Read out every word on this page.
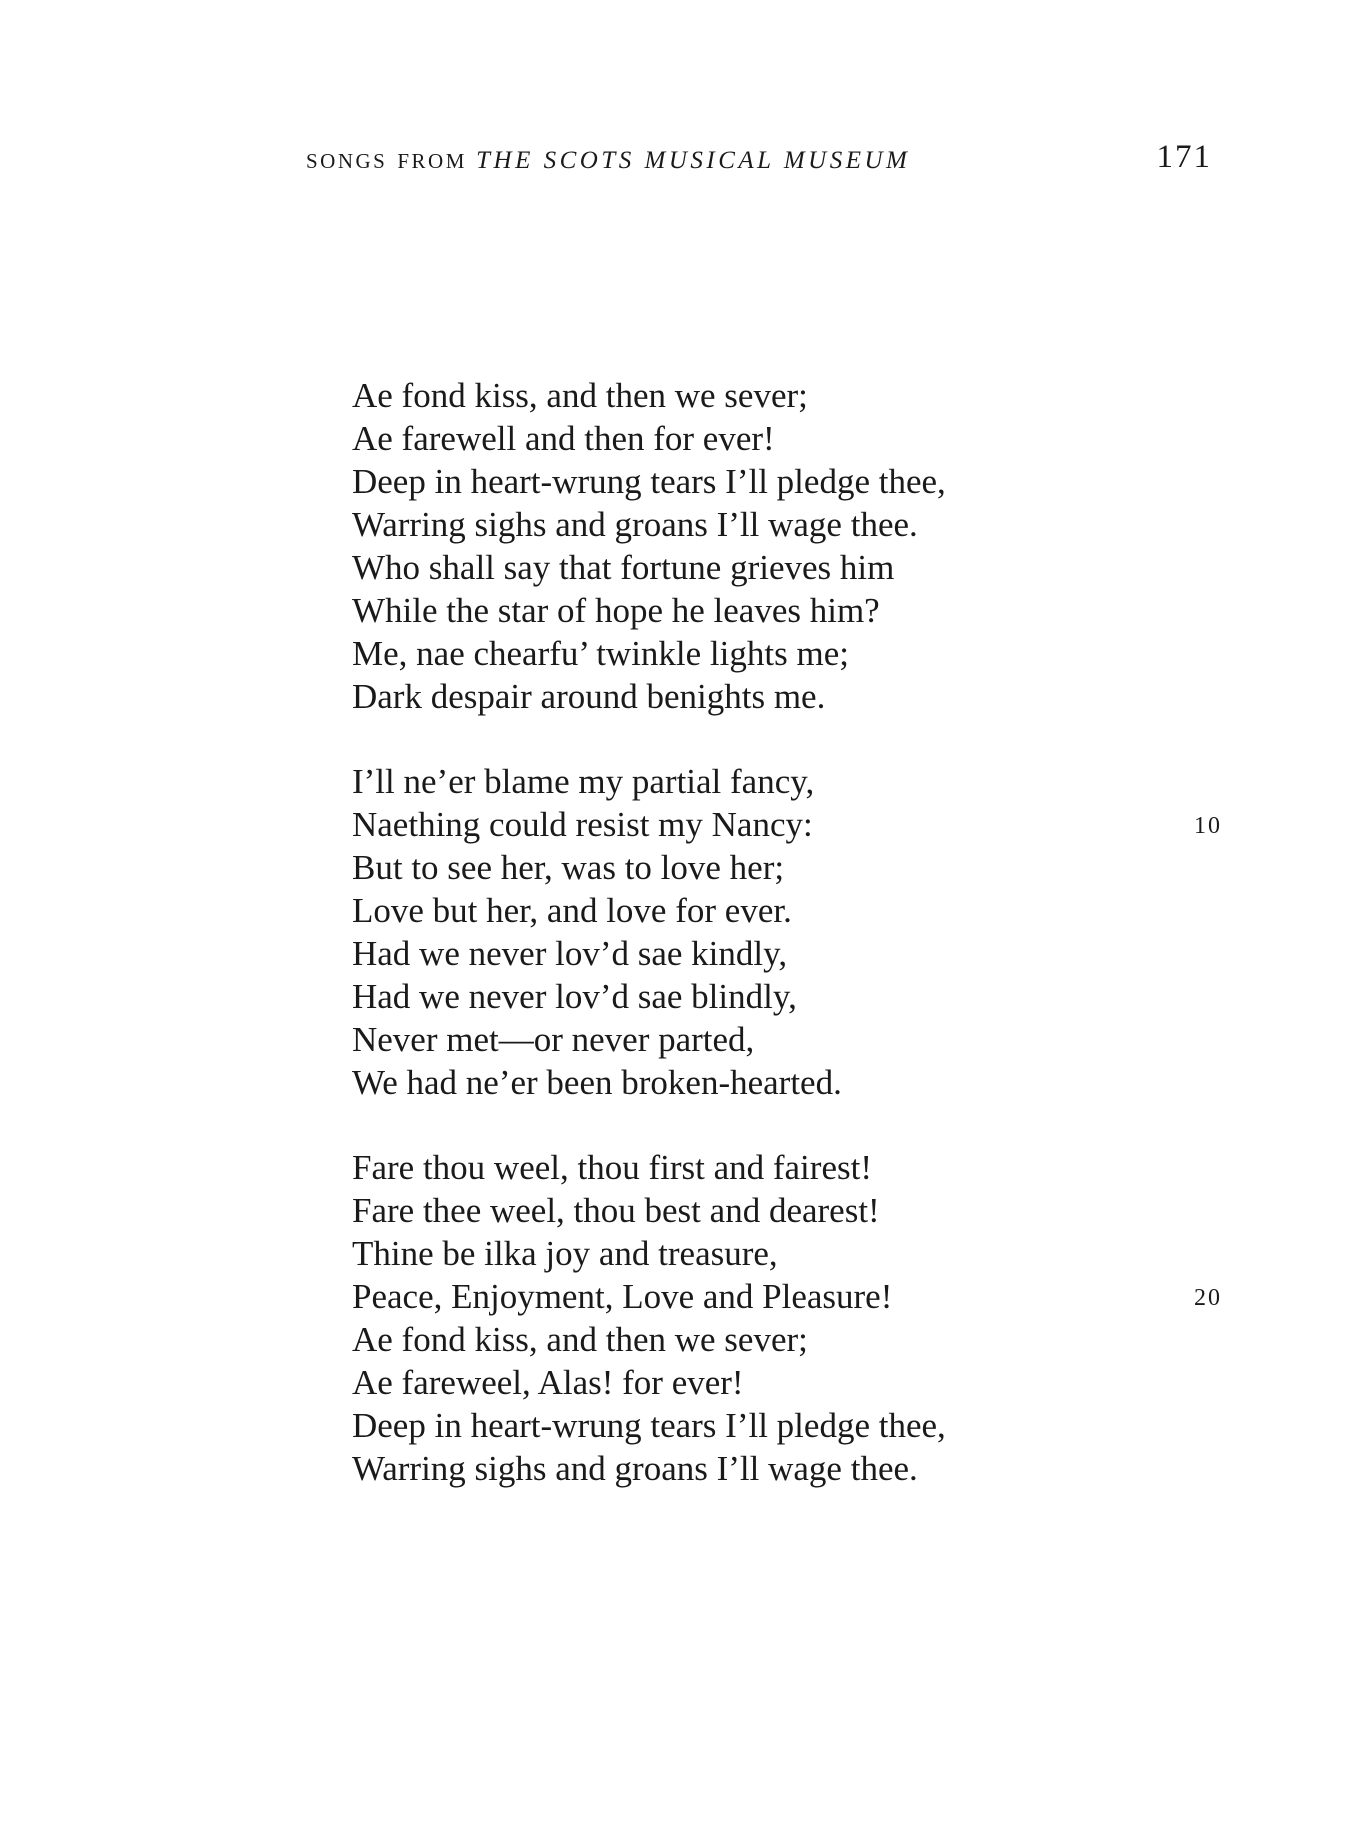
songs from THE SCOTS MUSICAL MUSEUM	171
Ae fond kiss, and then we sever;
Ae farewell and then for ever!
Deep in heart-wrung tears I’ll pledge thee,
Warring sighs and groans I’ll wage thee.
Who shall say that fortune grieves him
While the star of hope he leaves him?
Me, nae chearfu’ twinkle lights me;
Dark despair around benights me.
I’ll ne’er blame my partial fancy,
Naething could resist my Nancy:	10
But to see her, was to love her;
Love but her, and love for ever.
Had we never lov’d sae kindly,
Had we never lov’d sae blindly,
Never met—or never parted,
We had ne’er been broken-hearted.
Fare thou weel, thou first and fairest!
Fare thee weel, thou best and dearest!
Thine be ilka joy and treasure,
Peace, Enjoyment, Love and Pleasure!	20
Ae fond kiss, and then we sever;
Ae fareweel, Alas! for ever!
Deep in heart-wrung tears I’ll pledge thee,
Warring sighs and groans I’ll wage thee.
